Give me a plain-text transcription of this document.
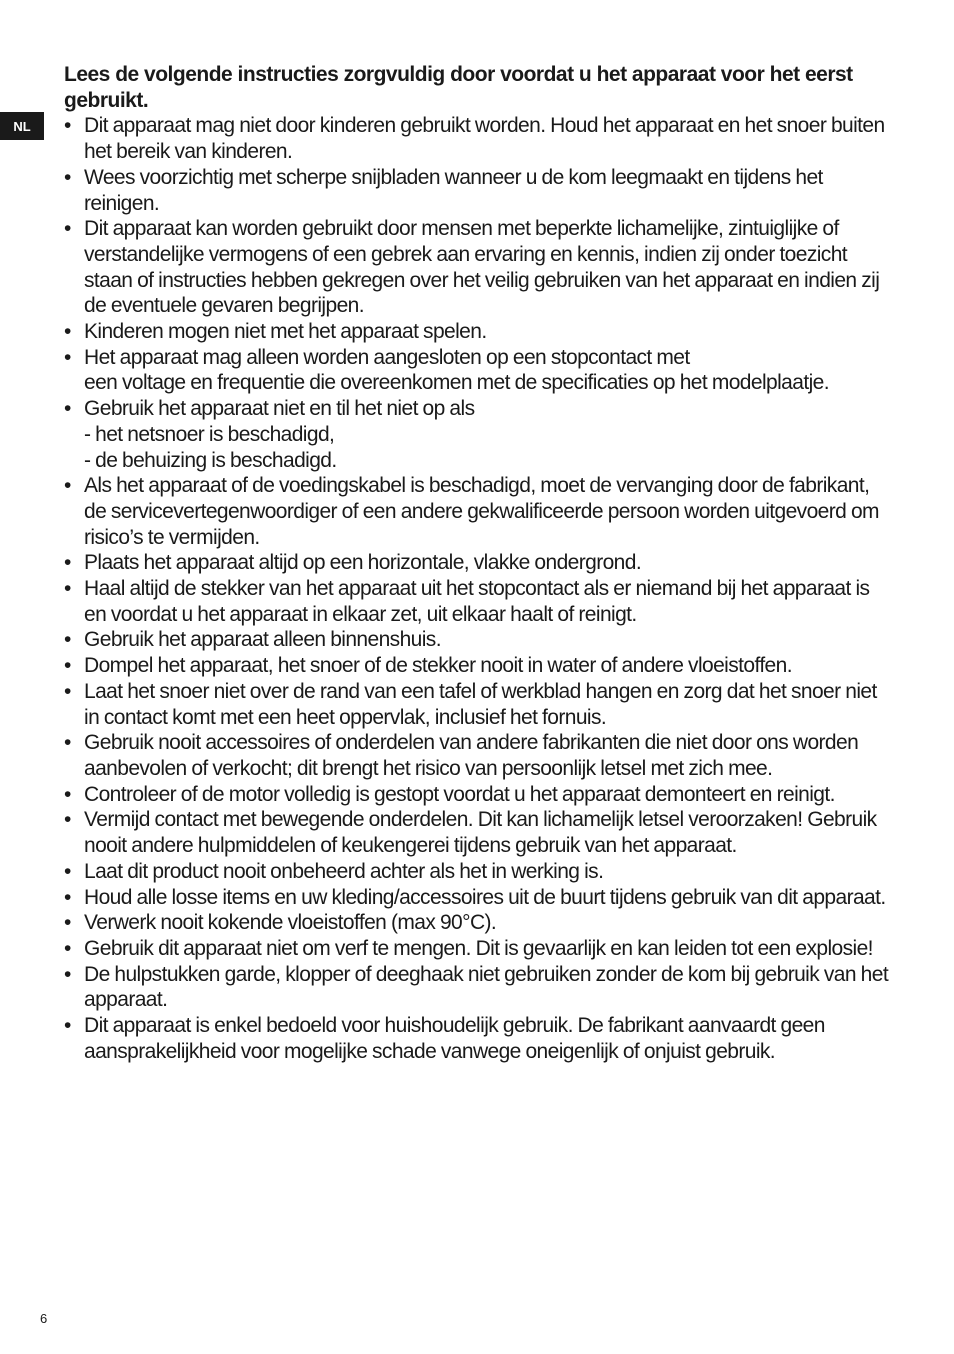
NL

Lees de volgende instructies zorgvuldig door voordat u het apparaat voor het eerst gebruikt.

• Dit apparaat mag niet door kinderen gebruikt worden. Houd het apparaat en het snoer buiten het bereik van kinderen.
• Wees voorzichtig met scherpe snijbladen wanneer u de kom leegmaakt en tijdens het reinigen.
• Dit apparaat kan worden gebruikt door mensen met beperkte lichamelijke, zintuiglijke of verstandelijke vermogens of een gebrek aan ervaring en kennis, indien zij onder toezicht staan of instructies hebben gekregen over het veilig gebruiken van het apparaat en indien zij de eventuele gevaren begrijpen.
• Kinderen mogen niet met het apparaat spelen.
• Het apparaat mag alleen worden aangesloten op een stopcontact met
een voltage en frequentie die overeenkomen met de specificaties op het modelplaatje.
• Gebruik het apparaat niet en til het niet op als
- het netsnoer is beschadigd,
- de behuizing is beschadigd.
• Als het apparaat of de voedingskabel is beschadigd, moet de vervanging door de fabrikant, de servicevertegenwoordiger of een andere gekwalificeerde persoon worden uitgevoerd om risico’s te vermijden.
• Plaats het apparaat altijd op een horizontale, vlakke ondergrond.
• Haal altijd de stekker van het apparaat uit het stopcontact als er niemand bij het apparaat is en voordat u het apparaat in elkaar zet, uit elkaar haalt of reinigt.
• Gebruik het apparaat alleen binnenshuis.
• Dompel het apparaat, het snoer of de stekker nooit in water of andere vloeistoffen.
• Laat het snoer niet over de rand van een tafel of werkblad hangen en zorg dat het snoer niet in contact komt met een heet oppervlak, inclusief het fornuis.
• Gebruik nooit accessoires of onderdelen van andere fabrikanten die niet door ons worden aanbevolen of verkocht; dit brengt het risico van persoonlijk letsel met zich mee.
• Controleer of de motor volledig is gestopt voordat u het apparaat demonteert en reinigt.
• Vermijd contact met bewegende onderdelen. Dit kan lichamelijk letsel veroorzaken! Gebruik nooit andere hulpmiddelen of keukengerei tijdens gebruik van het apparaat.
• Laat dit product nooit onbeheerd achter als het in werking is.
• Houd alle losse items en uw kleding/accessoires uit de buurt tijdens gebruik van dit apparaat.
• Verwerk nooit kokende vloeistoffen (max 90°C).
• Gebruik dit apparaat niet om verf te mengen. Dit is gevaarlijk en kan leiden tot een explosie!
• De hulpstukken garde, klopper of deeghaak niet gebruiken zonder de kom bij gebruik van het apparaat.
• Dit apparaat is enkel bedoeld voor huishoudelijk gebruik. De fabrikant aanvaardt geen aansprakelijkheid voor mogelijke schade vanwege oneigenlijk of onjuist gebruik.
6
